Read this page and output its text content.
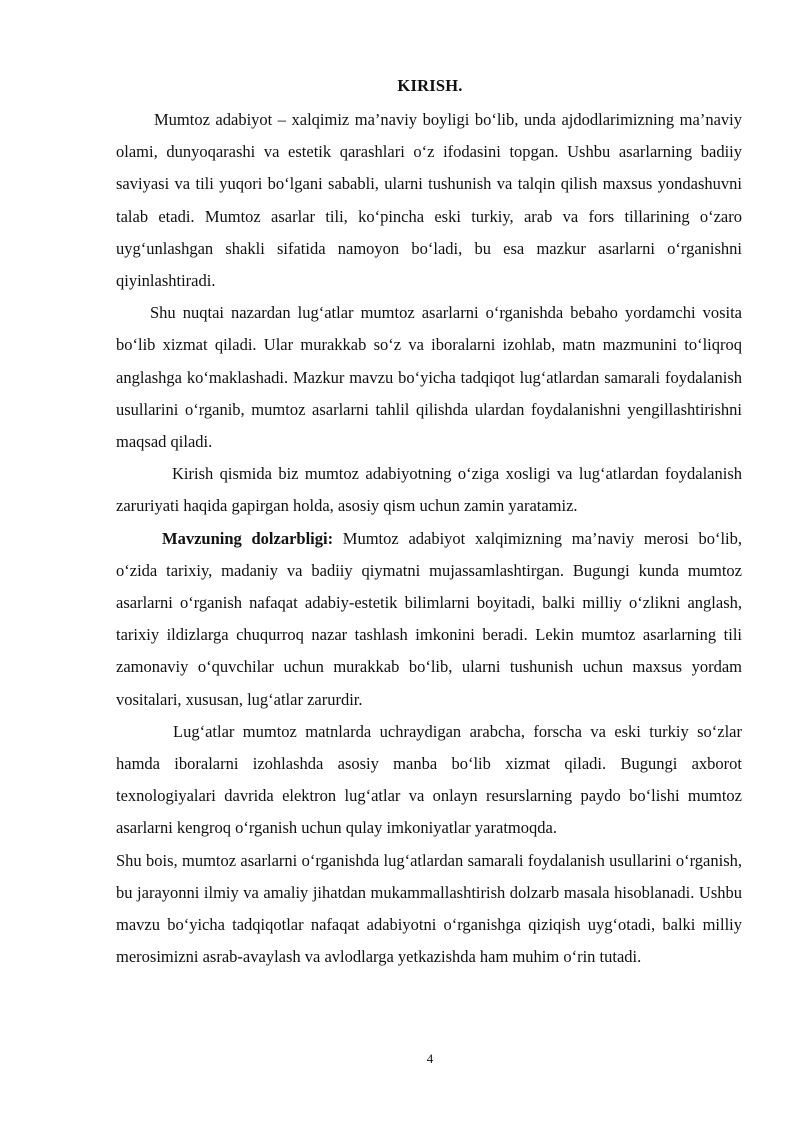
KIRISH.

Mumtoz adabiyot – xalqimiz ma’naviy boyligi bo‘lib, unda ajdodlarimizning ma’naviy olami, dunyoqarashi va estetik qarashlari o‘z ifodasini topgan. Ushbu asarlarning badiiy saviyasi va tili yuqori bo‘lgani sababli, ularni tushunish va talqin qilish maxsus yondashuvni talab etadi. Mumtoz asarlar tili, ko‘pincha eski turkiy, arab va fors tillarining o‘zaro uyg‘unlashgan shakli sifatida namoyon bo‘ladi, bu esa mazkur asarlarni o‘rganishni qiyinlashtiradi.

Shu nuqtai nazardan lug‘atlar mumtoz asarlarni o‘rganishda bebaho yordamchi vosita bo‘lib xizmat qiladi. Ular murakkab so‘z va iboralarni izohlab, matn mazmunini to‘liqroq anglashga ko‘maklashadi. Mazkur mavzu bo‘yicha tadqiqot lug‘atlardan samarali foydalanish usullarini o‘rganib, mumtoz asarlarni tahlil qilishda ulardan foydalanishni yengillashtirishni maqsad qiladi.

Kirish qismida biz mumtoz adabiyotning o‘ziga xosligi va lug‘atlardan foydalanish zaruriyati haqida gapirgan holda, asosiy qism uchun zamin yaratamiz.

Mavzuning dolzarbligi: Mumtoz adabiyot xalqimizning ma’naviy merosi bo‘lib, o‘zida tarixiy, madaniy va badiiy qiymatni mujassamlashtirgan. Bugungi kunda mumtoz asarlarni o‘rganish nafaqat adabiy-estetik bilimlarni boyitadi, balki milliy o‘zlikni anglash, tarixiy ildizlarga chuqurroq nazar tashlash imkonini beradi. Lekin mumtoz asarlarning tili zamonaviy o‘quvchilar uchun murakkab bo‘lib, ularni tushunish uchun maxsus yordam vositalari, xususan, lug‘atlar zarurdir.

Lug‘atlar mumtoz matnlarda uchraydigan arabcha, forscha va eski turkiy so‘zlar hamda iboralarni izohlashda asosiy manba bo‘lib xizmat qiladi. Bugungi axborot texnologiyalari davrida elektron lug‘atlar va onlayn resurslarning paydo bo‘lishi mumtoz asarlarni kengroq o‘rganish uchun qulay imkoniyatlar yaratmoqda.

Shu bois, mumtoz asarlarni o‘rganishda lug‘atlardan samarali foydalanish usullarini o‘rganish, bu jarayonni ilmiy va amaliy jihatdan mukammallashtirish dolzarb masala hisoblanadi. Ushbu mavzu bo‘yicha tadqiqotlar nafaqat adabiyotni o‘rganishga qiziqish uyg‘otadi, balki milliy merosimizni asrab-avaylash va avlodlarga yetkazishda ham muhim o‘rin tutadi.

4
